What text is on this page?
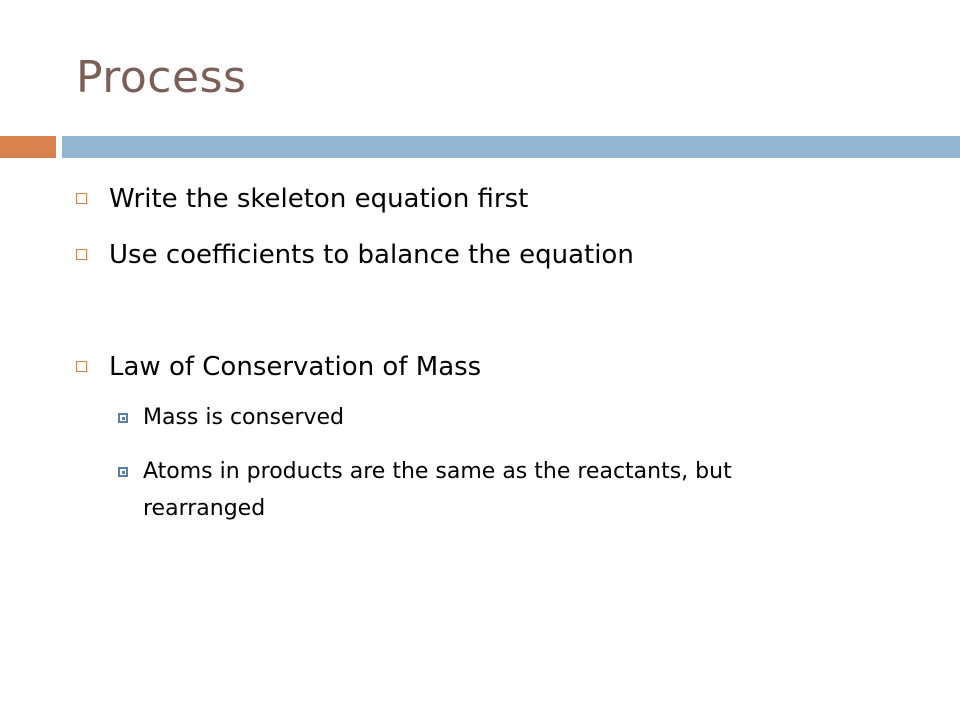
Process
Write the skeleton equation first
Use coefficients to balance the equation
Law of Conservation of Mass
Mass is conserved
Atoms in products are the same as the reactants, but
rearranged
